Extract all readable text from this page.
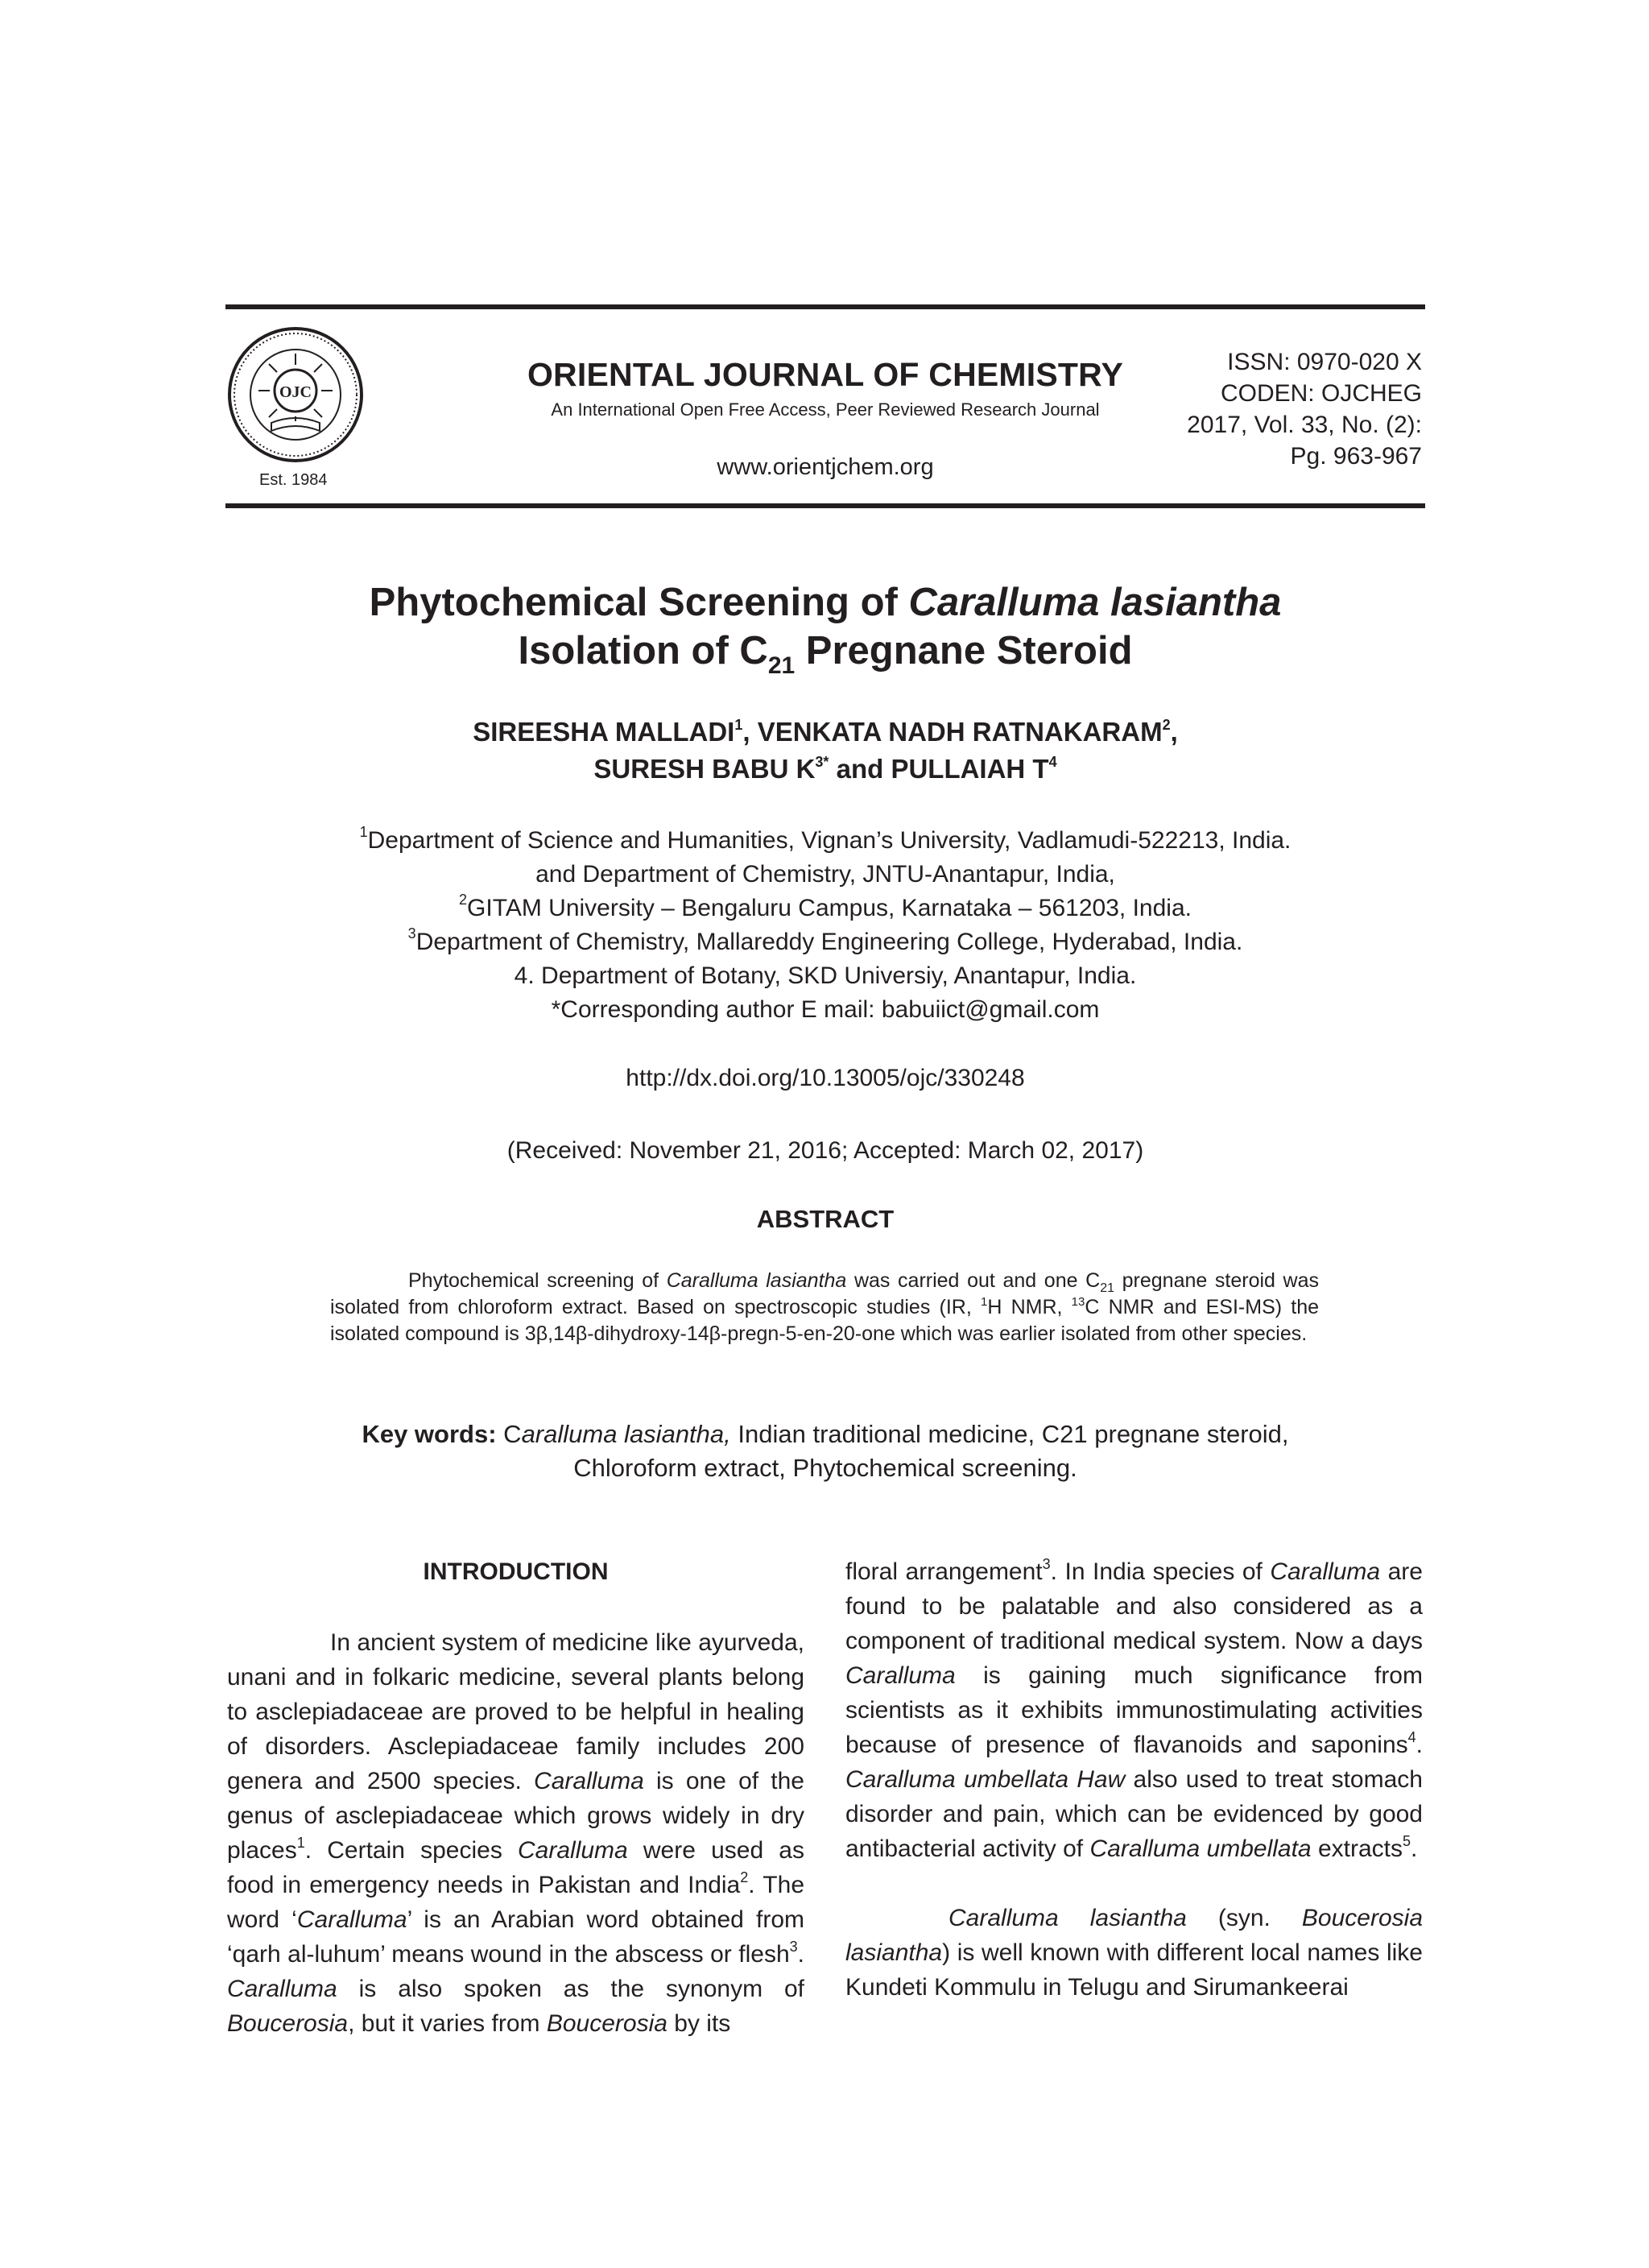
OJC
Est. 1984
ORIENTAL JOURNAL OF CHEMISTRY
An International Open Free Access, Peer Reviewed Research Journal
www.orientjchem.org
ISSN: 0970-020 X
CODEN: OJCHEG
2017, Vol. 33, No. (2):
Pg. 963-967
Phytochemical Screening of Caralluma lasiantha
Isolation of $C_{21}$ Pregnane Steroid
SIREESHA MALLADI$^1$, VENKATA NADH RATNAKARAM$^2$,
SURESH BABU $K^{3*}$ and PULLAIAH $T^4$
$^1$Department of Science and Humanities, Vignan’s University, Vadlamudi-522213, India.
and Department of Chemistry, JNTU-Anantapur, India,
$^2$GITAM University – Bengaluru Campus, Karnataka – 561203, India.
$^3$Department of Chemistry, Mallareddy Engineering College, Hyderabad, India.
4. Department of Botany, SKD Universiy, Anantapur, India.
*Corresponding author E mail: babuiict@gmail.com
http://dx.doi.org/10.13005/ojc/330248
(Received: November 21, 2016; Accepted: March 02, 2017)
ABSTRACT

Phytochemical screening of Caralluma lasiantha was carried out and one $C_{21}$ pregnane steroid was isolated from chloroform extract. Based on spectroscopic studies (IR, $^1$H NMR, $^{13}$C NMR and ESI-MS) the isolated compound is 3β,14β-dihydroxy-14β-pregn-5-en-20-one which was earlier isolated from other species.

Key words: Caralluma lasiantha, Indian traditional medicine, C21 pregnane steroid,
Chloroform extract, Phytochemical screening.
INTRODUCTION

In ancient system of medicine like ayurveda, unani and in folkaric medicine, several plants belong to asclepiadaceae are proved to be helpful in healing of disorders. Asclepiadaceae family includes 200 genera and 2500 species. Caralluma is one of the genus of asclepiadaceae which grows widely in dry places$^1$. Certain species Caralluma were used as food in emergency needs in Pakistan and India$^2$. The word ‘Caralluma’ is an Arabian word obtained from ‘qarh al-luhum’ means wound in the abscess or flesh$^3$. Caralluma is also spoken as the synonym of Boucerosia, but it varies from Boucerosia by its

floral arrangement$^3$. In India species of Caralluma are found to be palatable and also considered as a component of traditional medical system. Now a days Caralluma is gaining much significance from scientists as it exhibits immunostimulating activities because of presence of flavanoids and saponins$^4$. Caralluma umbellata Haw also used to treat stomach disorder and pain, which can be evidenced by good antibacterial activity of Caralluma umbellata extracts$^5$.

Caralluma lasiantha (syn. Boucerosia lasiantha) is well known with different local names like Kundeti Kommulu in Telugu and Sirumankeerai
